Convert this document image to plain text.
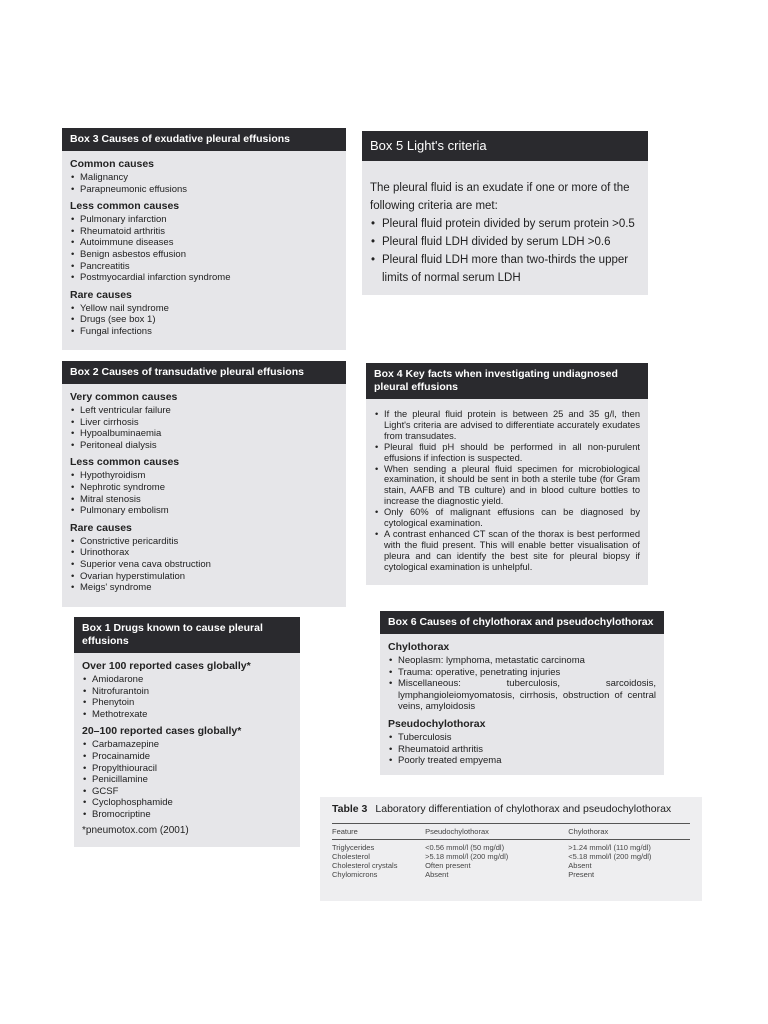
Box 3 Causes of exudative pleural effusions
Common causes
• Malignancy
• Parapneumonic effusions
Less common causes
• Pulmonary infarction
• Rheumatoid arthritis
• Autoimmune diseases
• Benign asbestos effusion
• Pancreatitis
• Postmyocardial infarction syndrome
Rare causes
• Yellow nail syndrome
• Drugs (see box 1)
• Fungal infections
Box 5 Light's criteria
The pleural fluid is an exudate if one or more of the following criteria are met:
• Pleural fluid protein divided by serum protein >0.5
• Pleural fluid LDH divided by serum LDH >0.6
• Pleural fluid LDH more than two-thirds the upper limits of normal serum LDH
Box 2 Causes of transudative pleural effusions
Very common causes
• Left ventricular failure
• Liver cirrhosis
• Hypoalbuminaemia
• Peritoneal dialysis
Less common causes
• Hypothyroidism
• Nephrotic syndrome
• Mitral stenosis
• Pulmonary embolism
Rare causes
• Constrictive pericarditis
• Urinothorax
• Superior vena cava obstruction
• Ovarian hyperstimulation
• Meigs' syndrome
Box 4 Key facts when investigating undiagnosed pleural effusions
• If the pleural fluid protein is between 25 and 35 g/l, then Light's criteria are advised to differentiate accurately exudates from transudates.
• Pleural fluid pH should be performed in all non-purulent effusions if infection is suspected.
• When sending a pleural fluid specimen for microbiological examination, it should be sent in both a sterile tube (for Gram stain, AAFB and TB culture) and in blood culture bottles to increase the diagnostic yield.
• Only 60% of malignant effusions can be diagnosed by cytological examination.
• A contrast enhanced CT scan of the thorax is best performed with the fluid present. This will enable better visualisation of pleura and can identify the best site for pleural biopsy if cytological examination is unhelpful.
Box 1 Drugs known to cause pleural effusions
Over 100 reported cases globally*
• Amiodarone
• Nitrofurantoin
• Phenytoin
• Methotrexate
20–100 reported cases globally*
• Carbamazepine
• Procainamide
• Propylthiouracil
• Penicillamine
• GCSF
• Cyclophosphamide
• Bromocriptine
*pneumotox.com (2001)
Box 6 Causes of chylothorax and pseudochylothorax
Chylothorax
• Neoplasm: lymphoma, metastatic carcinoma
• Trauma: operative, penetrating injuries
• Miscellaneous: tuberculosis, sarcoidosis, lymphangioleiomyomatosis, cirrhosis, obstruction of central veins, amyloidosis
Pseudochylothorax
• Tuberculosis
• Rheumatoid arthritis
• Poorly treated empyema
Table 3 Laboratory differentiation of chylothorax and pseudochylothorax
Feature	Pseudochylothorax	Chylothorax
Triglycerides	<0.56 mmol/l (50 mg/dl)	>1.24 mmol/l (110 mg/dl)
Cholesterol	>5.18 mmol/l (200 mg/dl)	<5.18 mmol/l (200 mg/dl)
Cholesterol crystals	Often present	Absent
Chylomicrons	Absent	Present
